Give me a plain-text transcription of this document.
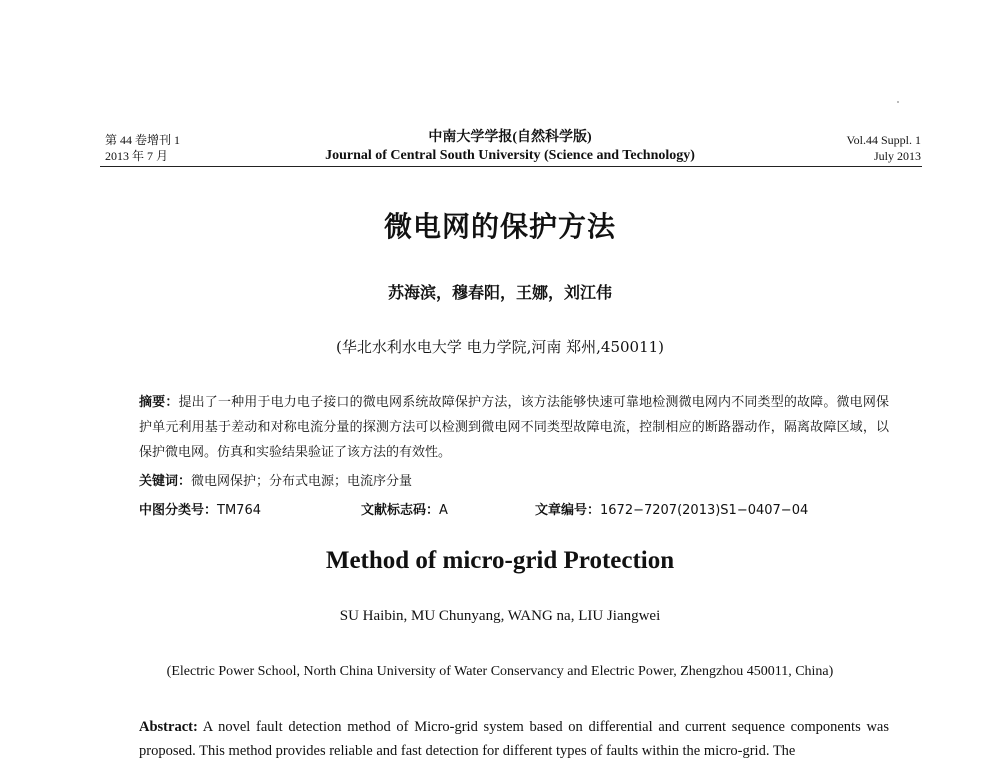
第 44 卷增刊 1
2013 年 7 月
中南大学学报(自然科学版)
Journal of Central South University (Science and Technology)
Vol.44 Suppl. 1
July 2013
微电网的保护方法
苏海滨，穆春阳，王娜，刘江伟
(华北水利水电大学 电力学院,河南 郑州,450011)
摘要：提出了一种用于电力电子接口的微电网系统故障保护方法，该方法能够快速可靠地检测微电网内不同类型的故障。微电网保护单元利用基于差动和对称电流分量的探测方法可以检测到微电网不同类型故障电流，控制相应的断路器动作，隔离故障区域，以保护微电网。仿真和实验结果验证了该方法的有效性。
关键词：微电网保护；分布式电源；电流序分量
中图分类号：TM764	文献标志码：A	文章编号：1672−7207(2013)S1−0407−04
Method of micro-grid Protection
SU Haibin, MU Chunyang, WANG na, LIU Jiangwei
(Electric Power School, North China University of Water Conservancy and Electric Power, Zhengzhou 450011, China)
Abstract: A novel fault detection method of Micro-grid system based on differential and current sequence components was proposed. This method provides reliable and fast detection for different types of faults within the micro-grid. The
